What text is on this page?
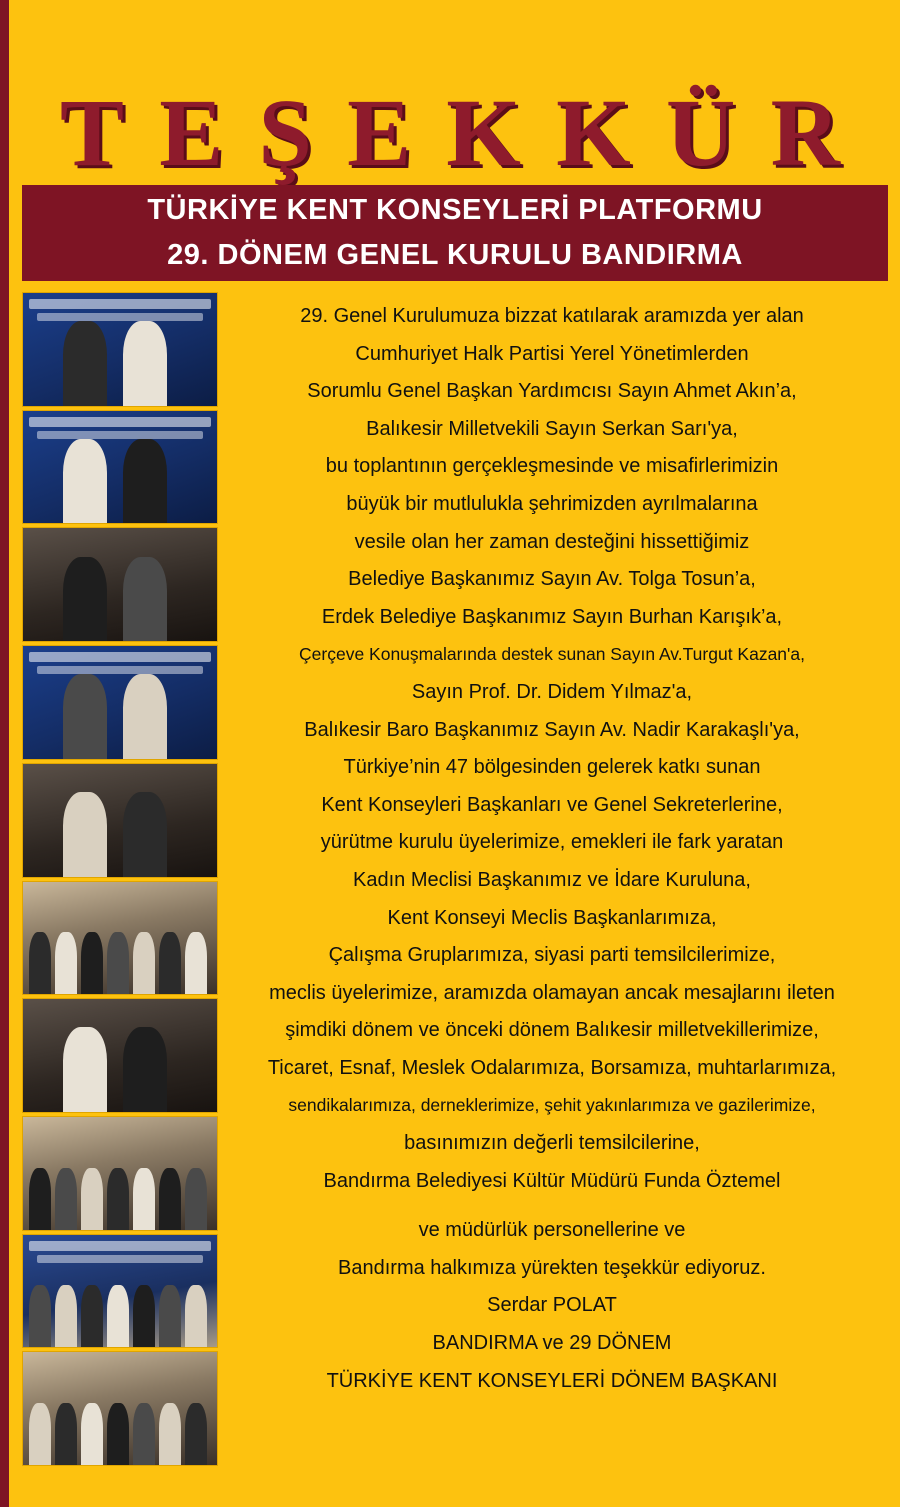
T E Ş E K K Ü R
TÜRKİYE KENT KONSEYLERİ PLATFORMU
29. DÖNEM GENEL KURULU BANDIRMA
29. Genel Kurulumuza bizzat katılarak aramızda yer alan
Cumhuriyet Halk Partisi Yerel Yönetimlerden
Sorumlu Genel Başkan Yardımcısı Sayın Ahmet Akın’a,
Balıkesir Milletvekili Sayın Serkan Sarı'ya,
bu toplantının gerçekleşmesinde ve misafirlerimizin
büyük bir mutlulukla şehrimizden ayrılmalarına
vesile olan her zaman desteğini hissettiğimiz
Belediye Başkanımız Sayın Av. Tolga Tosun’a,
Erdek Belediye Başkanımız Sayın Burhan Karışık’a,
Çerçeve Konuşmalarında destek sunan Sayın Av.Turgut Kazan'a,
Sayın Prof. Dr. Didem Yılmaz'a,
Balıkesir Baro Başkanımız Sayın Av. Nadir Karakaşlı'ya,
Türkiye’nin 47 bölgesinden gelerek katkı sunan
Kent Konseyleri Başkanları ve Genel Sekreterlerine,
yürütme kurulu üyelerimize, emekleri ile fark yaratan
Kadın Meclisi Başkanımız ve İdare Kuruluna,
Kent Konseyi Meclis Başkanlarımıza,
Çalışma Gruplarımıza, siyasi parti temsilcilerimize,
meclis üyelerimize, aramızda olamayan ancak mesajlarını ileten
şimdiki dönem ve önceki dönem Balıkesir milletvekillerimize,
Ticaret, Esnaf, Meslek Odalarımıza, Borsamıza, muhtarlarımıza,
sendikalarımıza, derneklerimize, şehit yakınlarımıza ve gazilerimize,
basınımızın değerli temsilcilerine,
Bandırma Belediyesi Kültür Müdürü Funda Öztemel
ve müdürlük personellerine ve
Bandırma halkımıza yürekten teşekkür ediyoruz.
Serdar POLAT
BANDIRMA ve 29 DÖNEM
TÜRKİYE KENT KONSEYLERİ DÖNEM BAŞKANI
